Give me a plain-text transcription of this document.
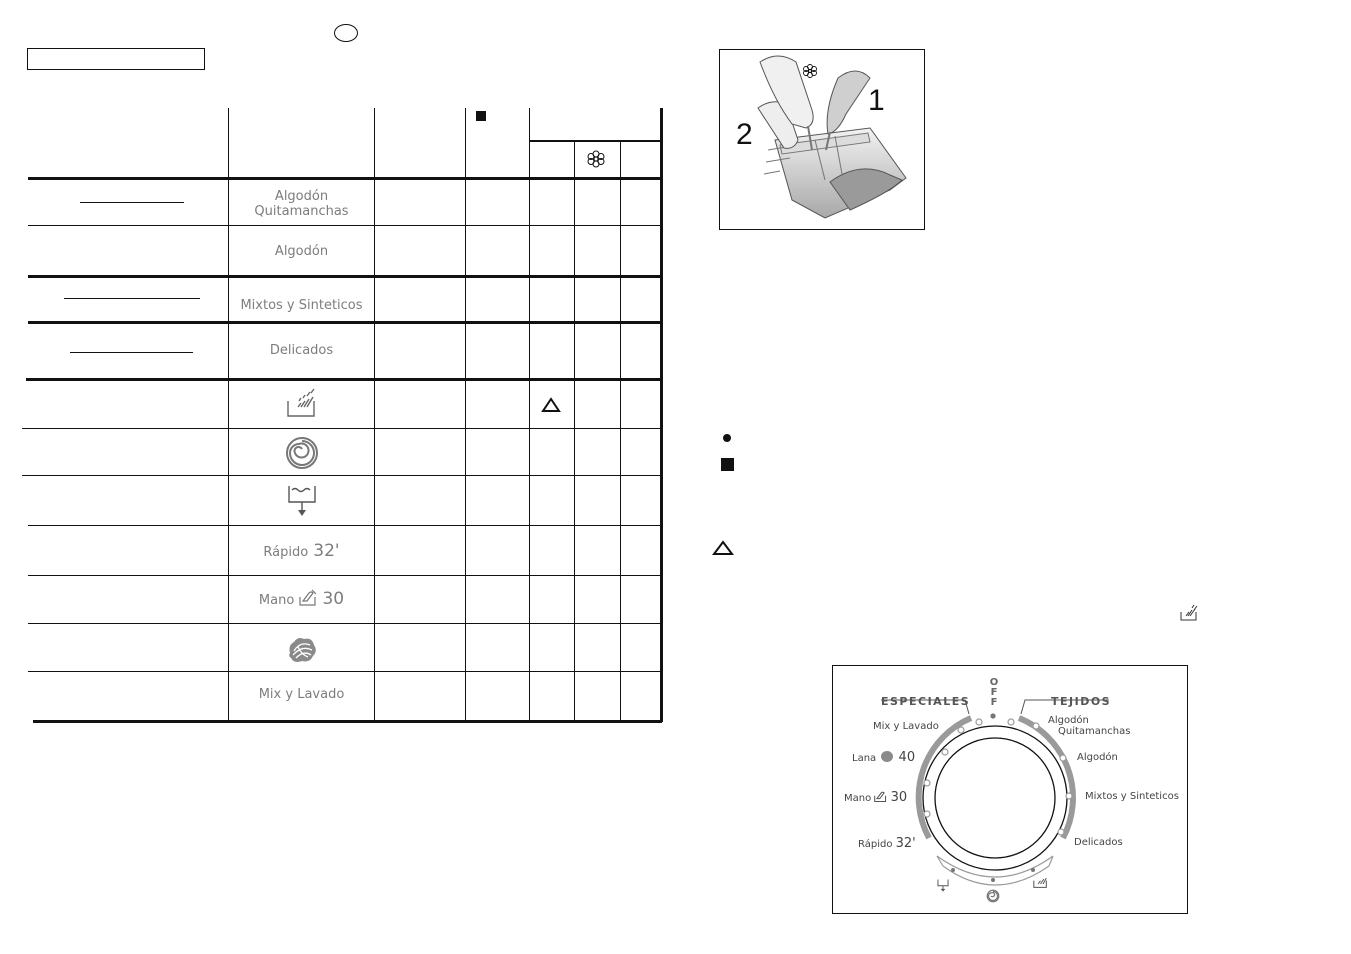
Algodón
Quitamanchas
Algodón
Mixtos y Sinteticos
Delicados
Rápido 32'
Mano 30
Mix y Lavado
1
2
OFF
ESPECIALES	TEJIDOS
Mix y Lavado
Lana 40
Mano 30
Rápido 32'
Algodón
Quitamanchas
Algodón
Mixtos y Sinteticos
Delicados
